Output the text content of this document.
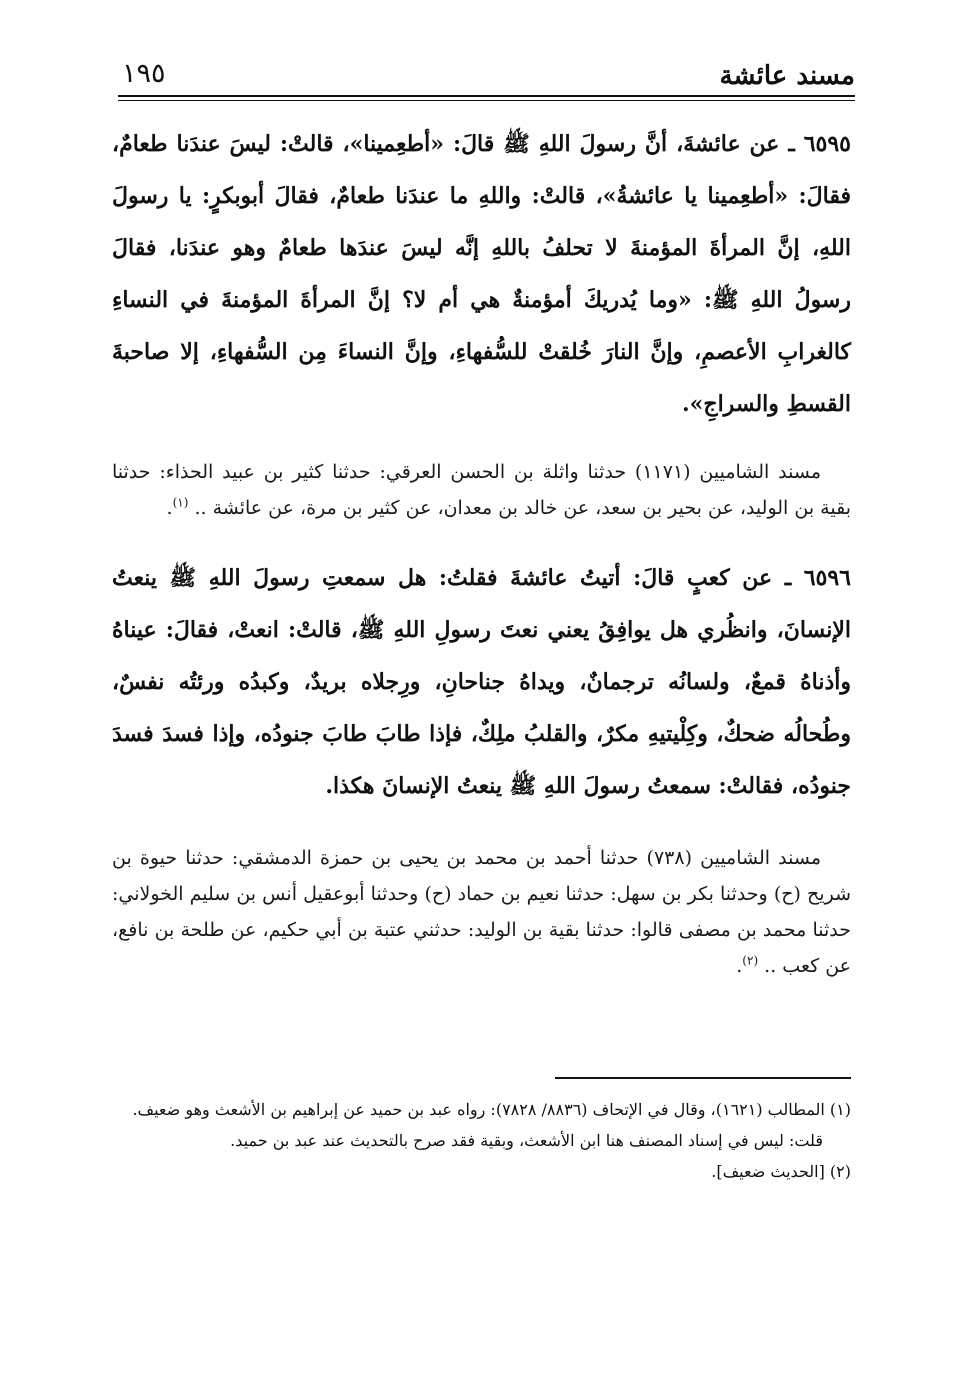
مسند عائشة
١٩٥

٦٥٩٥ ـ عن عائشةَ، أنَّ رسولَ اللهِ ﷺ قالَ: «أطعِمينا»، قالتْ: ليسَ عندَنا طعامٌ، فقالَ: «أطعِمينا يا عائشةُ»، قالتْ: واللهِ ما عندَنا طعامٌ، فقالَ أبوبكرٍ: يا رسولَ اللهِ، إنَّ المرأةَ المؤمنةَ لا تحلفُ باللهِ إنَّه ليسَ عندَها طعامٌ وهو عندَنا، فقالَ رسولُ اللهِ ﷺ: «وما يُدريكَ أمؤمنةٌ هي أم لا؟ إنَّ المرأةَ المؤمنةَ في النساءِ كالغرابِ الأعصمِ، وإنَّ النارَ خُلقتْ للسُّفهاءِ، وإنَّ النساءَ مِن السُّفهاءِ، إلا صاحبةَ القسطِ والسراجِ».

مسند الشاميين (١١٧١) حدثنا واثلة بن الحسن العرقي: حدثنا كثير بن عبيد الحذاء: حدثنا بقية بن الوليد، عن بحير بن سعد، عن خالد بن معدان، عن كثير بن مرة، عن عائشة .. $^{(١)}$.

٦٥٩٦ ـ عن كعبٍ قالَ: أتيتُ عائشةَ فقلتُ: هل سمعتِ رسولَ اللهِ ﷺ ينعتُ الإنسانَ، وانظُري هل يوافِقُ يعني نعتَ رسولِ اللهِ ﷺ، قالتْ: انعتْ، فقالَ: عيناهُ وأذناهُ قمعٌ، ولسانُه ترجمانٌ، ويداهُ جناحانِ، ورِجلاه بريدٌ، وكبدُه ورئتُه نفسٌ، وطُحالُه ضحكٌ، وكِلْيتيهِ مكرٌ، والقلبُ ملِكٌ، فإذا طابَ طابَ جنودُه، وإذا فسدَ فسدَ جنودُه، فقالتْ: سمعتُ رسولَ اللهِ ﷺ ينعتُ الإنسانَ هكذا.

مسند الشاميين (٧٣٨) حدثنا أحمد بن محمد بن يحيى بن حمزة الدمشقي: حدثنا حيوة بن شريح (ح) وحدثنا بكر بن سهل: حدثنا نعيم بن حماد (ح) وحدثنا أبوعقيل أنس بن سليم الخولاني: حدثنا محمد بن مصفى قالوا: حدثنا بقية بن الوليد: حدثني عتبة بن أبي حكيم، عن طلحة بن نافع، عن كعب .. $^{(٢)}$.

(١) المطالب (١٦٢١)، وقال في الإتحاف (٨٨٣٦/ ٧٨٢٨): رواه عبد بن حميد عن إبراهيم بن الأشعث وهو ضعيف.

قلت: ليس في إسناد المصنف هنا ابن الأشعث، وبقية فقد صرح بالتحديث عند عبد بن حميد.

(٢) [الحديث ضعيف].
